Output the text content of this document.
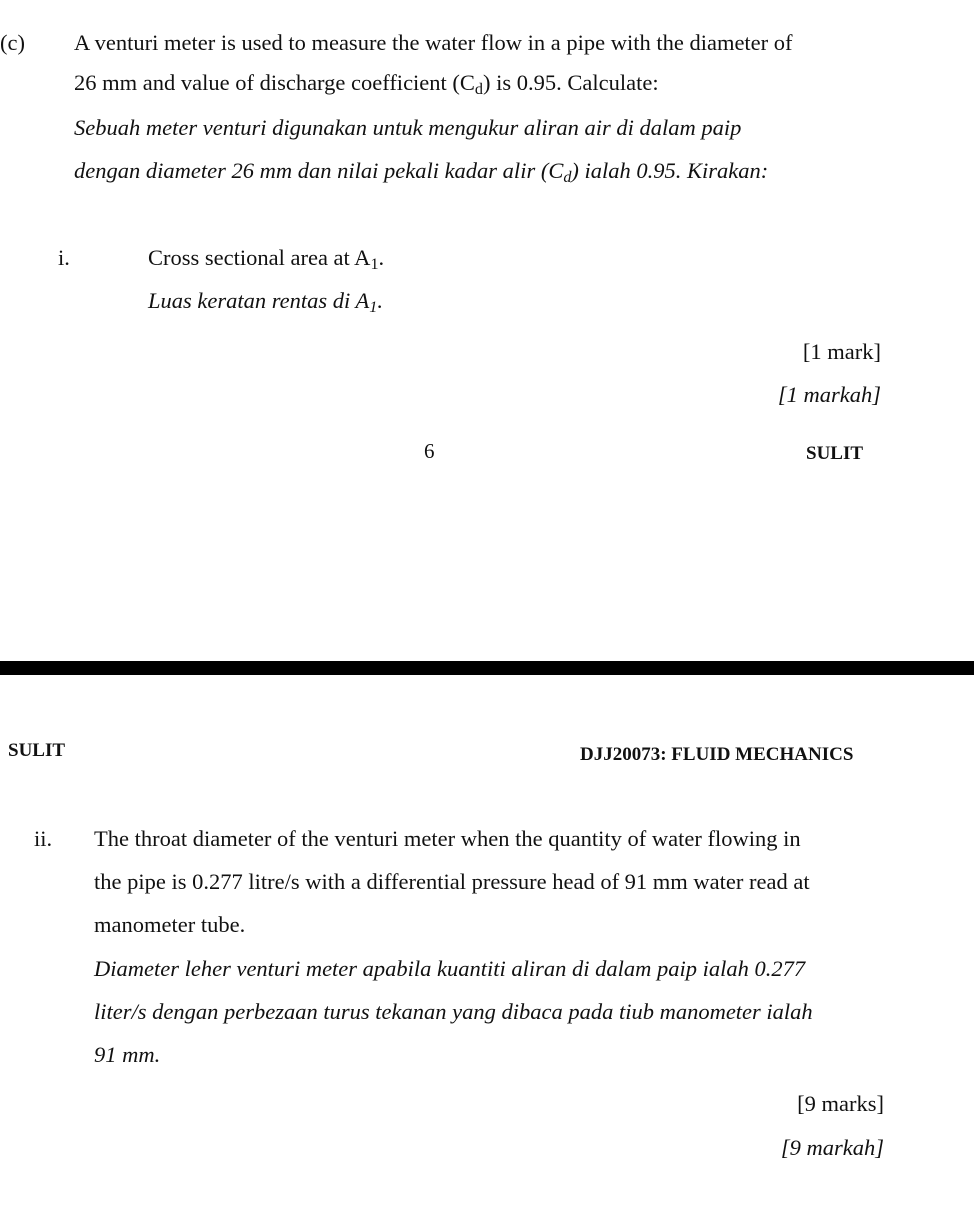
(c) A venturi meter is used to measure the water flow in a pipe with the diameter of
26 mm and value of discharge coefficient $(C_d)$ is 0.95. Calculate:
Sebuah meter venturi digunakan untuk mengukur aliran air di dalam paip
dengan diameter 26 mm dan nilai pekali kadar alir $(C_d)$ ialah 0.95. Kirakan:
i.	Cross sectional area at $A_1$.
Luas keratan rentas di $A_1$.
[1 mark]
[1 markah]
6	SULIT
SULIT	DJJ20073: FLUID MECHANICS
ii. The throat diameter of the venturi meter when the quantity of water flowing in
the pipe is 0.277 litre/s with a differential pressure head of 91 mm water read at
manometer tube.
Diameter leher venturi meter apabila kuantiti aliran di dalam paip ialah 0.277
liter/s dengan perbezaan turus tekanan yang dibaca pada tiub manometer ialah
91 mm.
[9 marks]
[9 markah]
